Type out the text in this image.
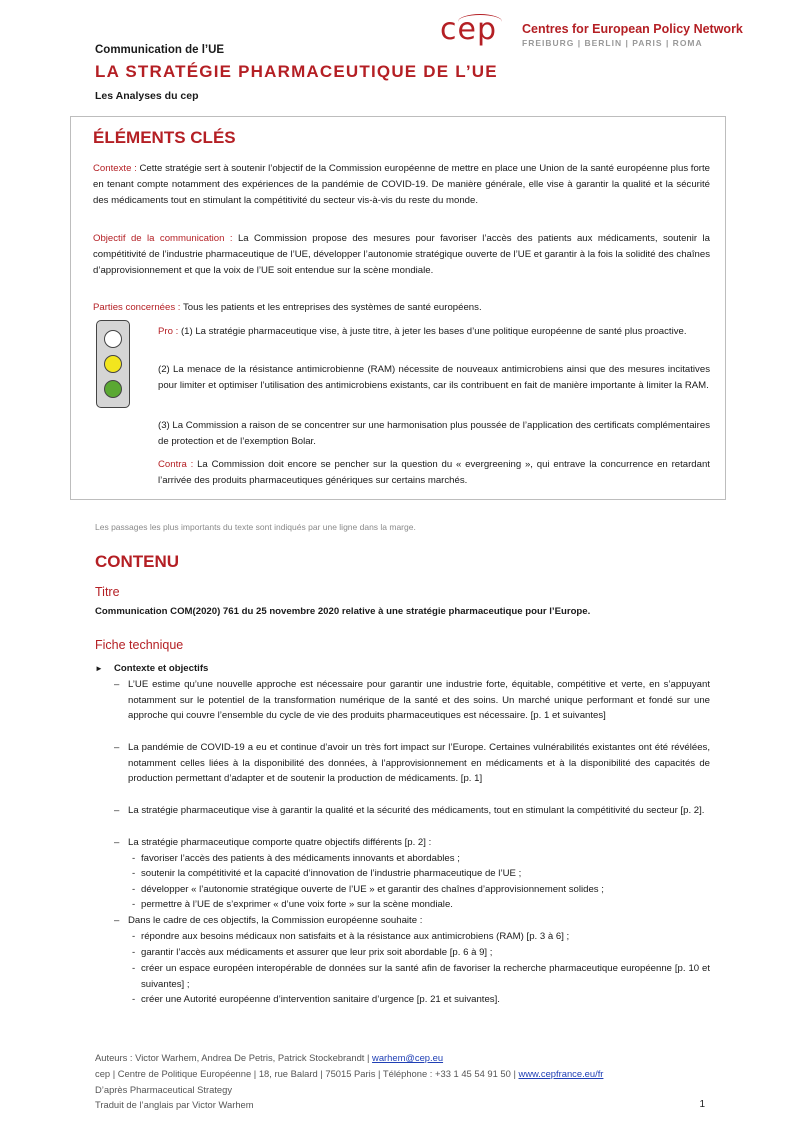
Communication de l’UE
LA STRATÉGIE PHARMACEUTIQUE DE L’UE
Les Analyses du cep
cep Centres for European Policy Network
FREIBURG | BERLIN | PARIS | ROMA
ÉLÉMENTS CLÉS
Contexte : Cette stratégie sert à soutenir l’objectif de la Commission européenne de mettre en place une Union de la santé européenne plus forte en tenant compte notamment des expériences de la pandémie de COVID-19. De manière générale, elle vise à garantir la qualité et la sécurité des médicaments tout en stimulant la compétitivité du secteur vis-à-vis du reste du monde.
Objectif de la communication : La Commission propose des mesures pour favoriser l’accès des patients aux médicaments, soutenir la compétitivité de l’industrie pharmaceutique de l’UE, développer l’autonomie stratégique ouverte de l’UE et garantir à la fois la solidité des chaînes d’approvisionnement et que la voix de l’UE soit entendue sur la scène mondiale.
Parties concernées : Tous les patients et les entreprises des systèmes de santé européens.
Pro : (1) La stratégie pharmaceutique vise, à juste titre, à jeter les bases d’une politique européenne de santé plus proactive.
(2) La menace de la résistance antimicrobienne (RAM) nécessite de nouveaux antimicrobiens ainsi que des mesures incitatives pour limiter et optimiser l’utilisation des antimicrobiens existants, car ils contribuent en fait de manière importante à limiter la RAM.
(3) La Commission a raison de se concentrer sur une harmonisation plus poussée de l’application des certificats complémentaires de protection et de l’exemption Bolar.
Contra : La Commission doit encore se pencher sur la question du « evergreening », qui entrave la concurrence en retardant l’arrivée des produits pharmaceutiques génériques sur certains marchés.
Les passages les plus importants du texte sont indiqués par une ligne dans la marge.
CONTENU
Titre
Communication COM(2020) 761 du 25 novembre 2020 relative à une stratégie pharmaceutique pour l’Europe.
Fiche technique
► Contexte et objectifs
– L’UE estime qu’une nouvelle approche est nécessaire pour garantir une industrie forte, équitable, compétitive et verte, en s’appuyant notamment sur le potentiel de la transformation numérique de la santé et des soins. Un marché unique performant et fondé sur une approche qui couvre l’ensemble du cycle de vie des produits pharmaceutiques est nécessaire. [p. 1 et suivantes]
– La pandémie de COVID-19 a eu et continue d’avoir un très fort impact sur l’Europe. Certaines vulnérabilités existantes ont été révélées, notamment celles liées à la disponibilité des données, à l’approvisionnement en médicaments et à la disponibilité des capacités de production permettant d’adapter et de soutenir la production de médicaments. [p. 1]
– La stratégie pharmaceutique vise à garantir la qualité et la sécurité des médicaments, tout en stimulant la compétitivité du secteur [p. 2].
– La stratégie pharmaceutique comporte quatre objectifs différents [p. 2] :
- favoriser l’accès des patients à des médicaments innovants et abordables ;
- soutenir la compétitivité et la capacité d’innovation de l’industrie pharmaceutique de l’UE ;
- développer « l’autonomie stratégique ouverte de l’UE » et garantir des chaînes d’approvisionnement solides ;
- permettre à l’UE de s’exprimer « d’une voix forte » sur la scène mondiale.
– Dans le cadre de ces objectifs, la Commission européenne souhaite :
- répondre aux besoins médicaux non satisfaits et à la résistance aux antimicrobiens (RAM) [p. 3 à 6] ;
- garantir l’accès aux médicaments et assurer que leur prix soit abordable [p. 6 à 9] ;
- créer un espace européen interopérable de données sur la santé afin de favoriser la recherche pharmaceutique européenne [p. 10 et suivantes] ;
- créer une Autorité européenne d’intervention sanitaire d’urgence [p. 21 et suivantes].
Auteurs : Victor Warhem, Andrea De Petris, Patrick Stockebrandt | warhem@cep.eu
cep | Centre de Politique Européenne | 18, rue Balard | 75015 Paris | Téléphone : +33 1 45 54 91 50 | www.cepfrance.eu/fr
D’après Pharmaceutical Strategy
Traduit de l’anglais par Victor Warhem	1
